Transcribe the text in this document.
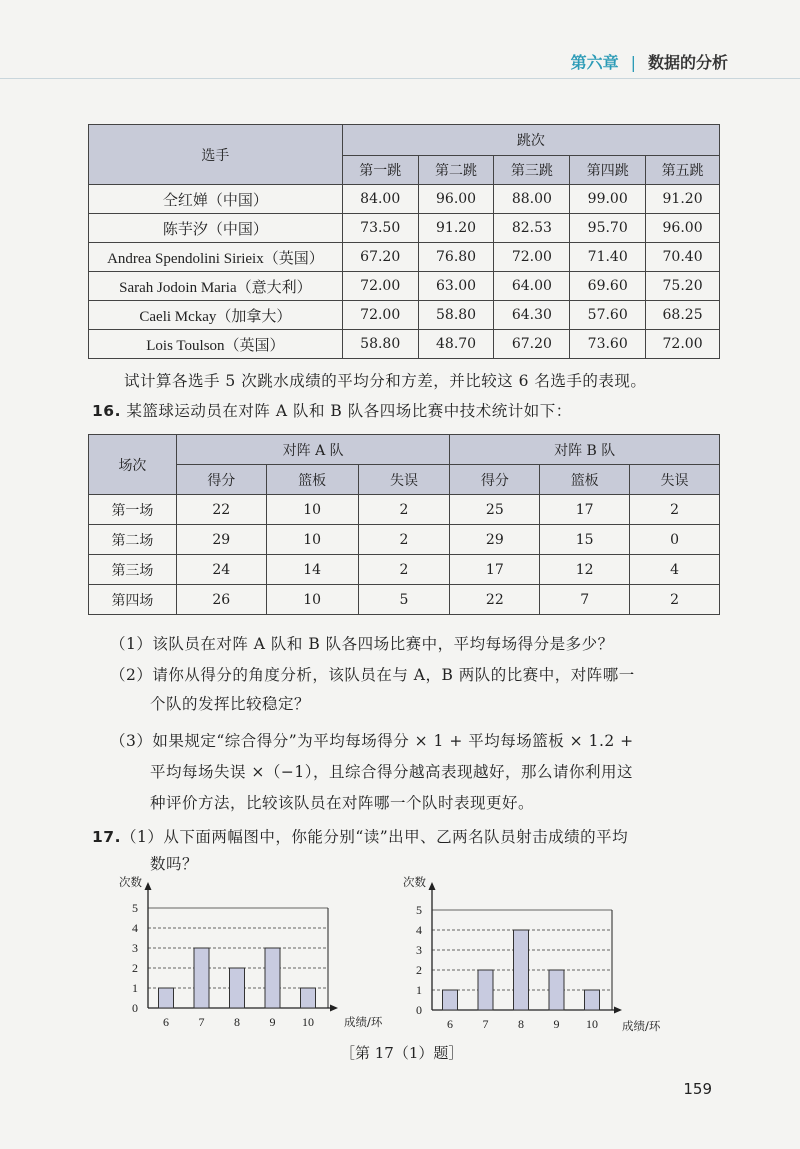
第六章 | 数据的分析
选手	跳次				
	第一跳	第二跳	第三跳	第四跳	第五跳
仝红婵（中国）	84.00	96.00	88.00	99.00	91.20
陈芋汐（中国）	73.50	91.20	82.53	95.70	96.00
Andrea Spendolini Sirieix（英国）	67.20	76.80	72.00	71.40	70.40
Sarah Jodoin Maria（意大利）	72.00	63.00	64.00	69.60	75.20
Caeli Mckay（加拿大）	72.00	58.80	64.30	57.60	68.25
Lois Toulson（英国）	58.80	48.70	67.20	73.60	72.00
试计算各选手 5 次跳水成绩的平均分和方差，并比较这 6 名选手的表现。
16. 某篮球运动员在对阵 A 队和 B 队各四场比赛中技术统计如下：
场次	对阵 A 队			对阵 B 队		
	得分	篮板	失误	得分	篮板	失误
第一场	22	10	2	25	17	2
第二场	29	10	2	29	15	0
第三场	24	14	2	17	12	4
第四场	26	10	5	22	7	2
（1）该队员在对阵 A 队和 B 队各四场比赛中，平均每场得分是多少？
（2）请你从得分的角度分析，该队员在与 A，B 两队的比赛中，对阵哪一
个队的发挥比较稳定？
（3）如果规定“综合得分”为平均每场得分 × 1 + 平均每场篮板 × 1.2 +
平均每场失误 ×（−1），且综合得分越高表现越好，那么请你利用这
种评价方法，比较该队员在对阵哪一个队时表现更好。
17.（1）从下面两幅图中，你能分别“读”出甲、乙两名队员射击成绩的平均
数吗？
0
1
2
3
4
5
次数
6 7 8 9 10	成绩/环
0
1
2
3
4
5
次数
6 7 8 9 10 成绩/环
［第 17（1）题］
159
